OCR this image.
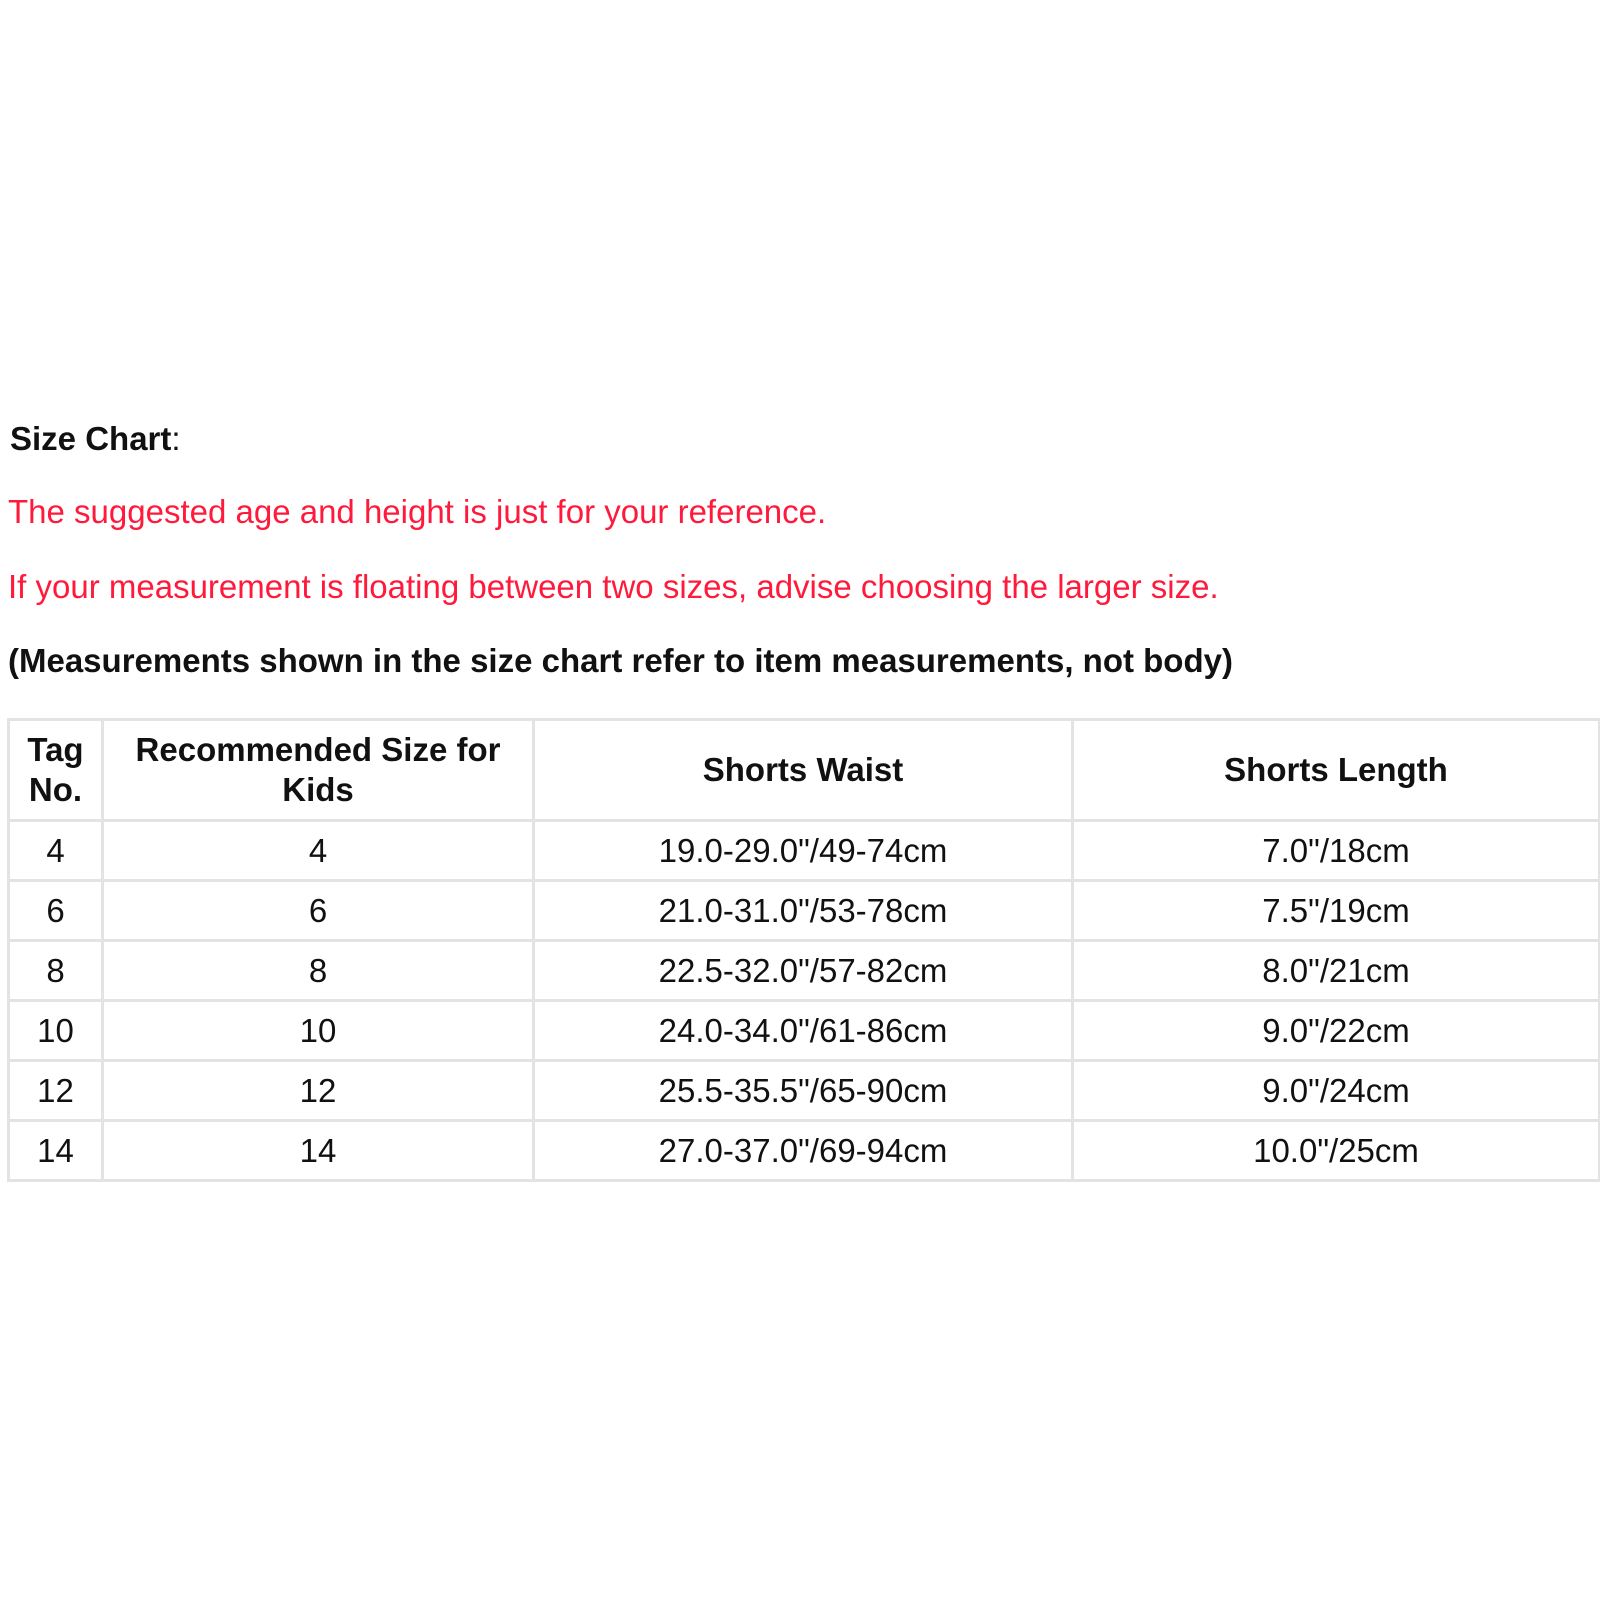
Size Chart:
The suggested age and height is just for your reference.
If your measurement is floating between two sizes, advise choosing the larger size.
(Measurements shown in the size chart refer to item measurements, not body)
Tag No.	Recommended Size for Kids	Shorts Waist	Shorts Length
4	4	19.0-29.0"/49-74cm	7.0"/18cm
6	6	21.0-31.0"/53-78cm	7.5"/19cm
8	8	22.5-32.0"/57-82cm	8.0"/21cm
10	10	24.0-34.0"/61-86cm	9.0"/22cm
12	12	25.5-35.5"/65-90cm	9.0"/24cm
14	14	27.0-37.0"/69-94cm	10.0"/25cm
